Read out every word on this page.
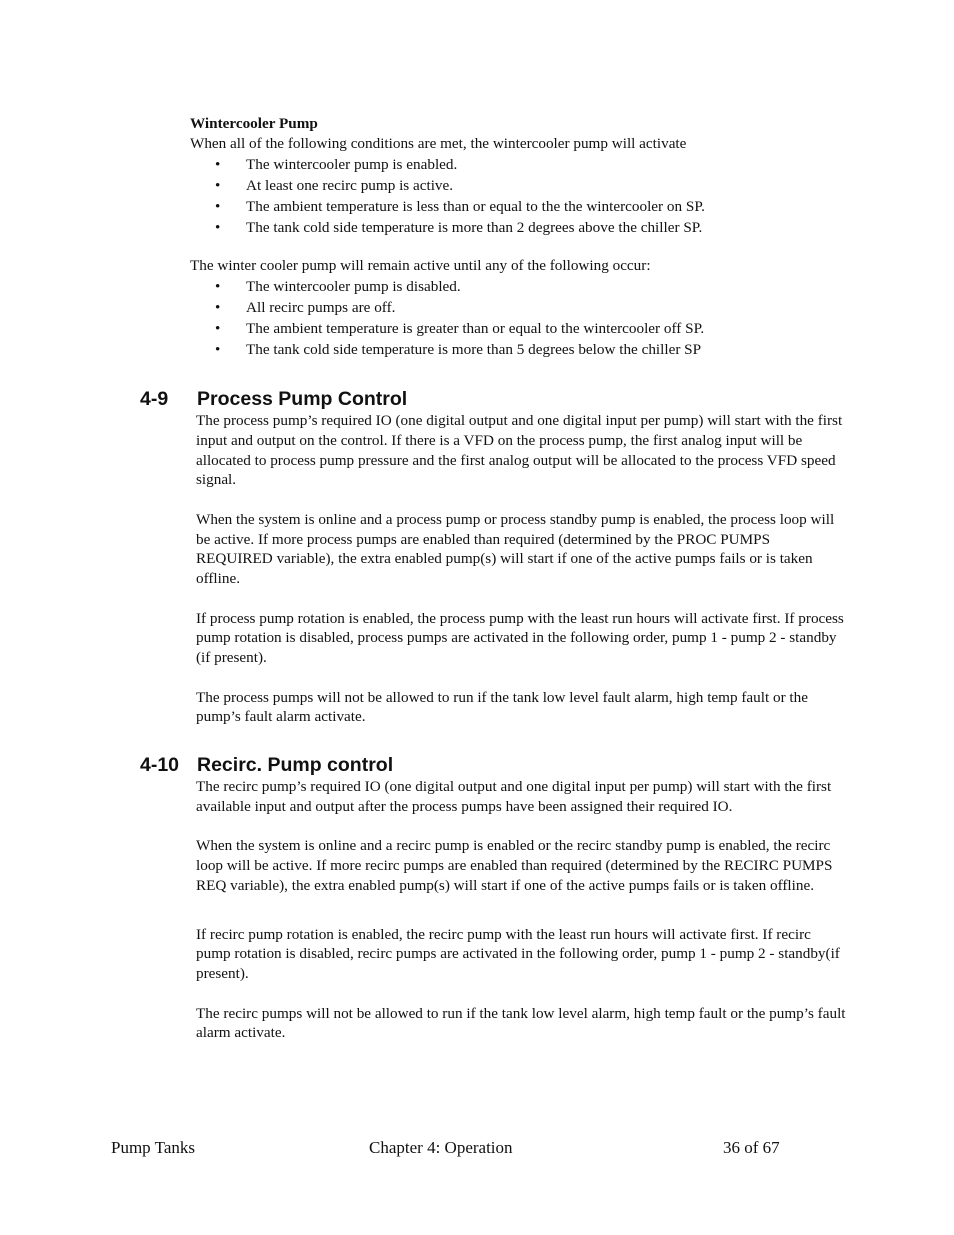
Wintercooler Pump
When all of the following conditions are met, the wintercooler pump will activate
• The wintercooler pump is enabled.
• At least one recirc pump is active.
• The ambient temperature is less than or equal to the the wintercooler on SP.
• The tank cold side temperature is more than 2 degrees above the chiller SP.
The winter cooler pump will remain active until any of the following occur:
• The wintercooler pump is disabled.
• All recirc pumps are off.
• The ambient temperature is greater than or equal to the wintercooler off SP.
• The tank cold side temperature is more than 5 degrees below the chiller SP
4-9 Process Pump Control

The process pump’s required IO (one digital output and one digital input per pump) will start with the first input and output on the control. If there is a VFD on the process pump, the first analog input will be allocated to process pump pressure and the first analog output will be allocated to the process VFD speed signal.

When the system is online and a process pump or process standby pump is enabled, the process loop will be active. If more process pumps are enabled than required (determined by the PROC PUMPS REQUIRED variable), the extra enabled pump(s) will start if one of the active pumps fails or is taken offline.

If process pump rotation is enabled, the process pump with the least run hours will activate first. If process pump rotation is disabled, process pumps are activated in the following order, pump 1 - pump 2 - standby (if present).

The process pumps will not be allowed to run if the tank low level fault alarm, high temp fault or the pump’s fault alarm activate.

4-10 Recirc. Pump control

The recirc pump’s required IO (one digital output and one digital input per pump) will start with the first available input and output after the process pumps have been assigned their required IO.

When the system is online and a recirc pump is enabled or the recirc standby pump is enabled, the recirc loop will be active. If more recirc pumps are enabled than required (determined by the RECIRC PUMPS REQ variable), the extra enabled pump(s) will start if one of the active pumps fails or is taken offline.

If recirc pump rotation is enabled, the recirc pump with the least run hours will activate first. If recirc pump rotation is disabled, recirc pumps are activated in the following order, pump 1 - pump 2 - standby(if present).

The recirc pumps will not be allowed to run if the tank low level alarm, high temp fault or the pump’s fault alarm activate.

Pump Tanks	Chapter 4: Operation	36 of 67
